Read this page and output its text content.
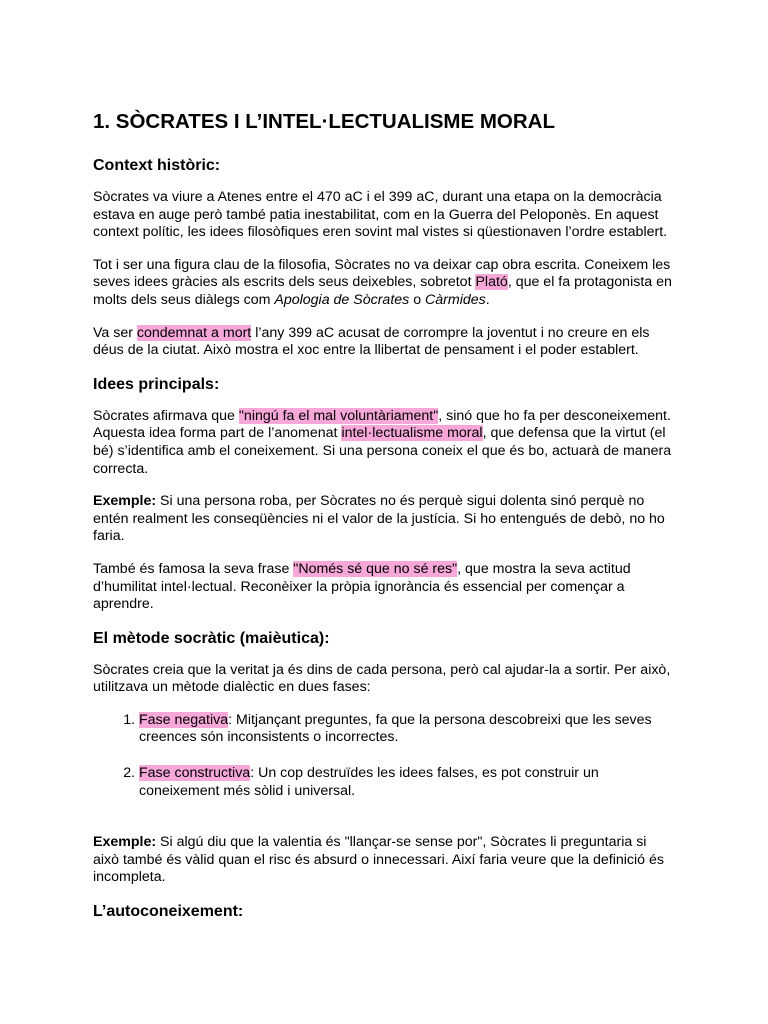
1. SÒCRATES I L’INTEL·LECTUALISME MORAL
Context històric:

Sòcrates va viure a Atenes entre el 470 aC i el 399 aC, durant una etapa on la democràcia estava en auge però també patia inestabilitat, com en la Guerra del Peloponès. En aquest context polític, les idees filosòfiques eren sovint mal vistes si qüestionaven l’ordre establert.

Tot i ser una figura clau de la filosofia, Sòcrates no va deixar cap obra escrita. Coneixem les seves idees gràcies als escrits dels seus deixebles, sobretot Plató, que el fa protagonista en molts dels seus diàlegs com Apologia de Sòcrates o Càrmides.

Va ser condemnat a mort l’any 399 aC acusat de corrompre la joventut i no creure en els déus de la ciutat. Això mostra el xoc entre la llibertat de pensament i el poder establert.

Idees principals:

Sòcrates afirmava que "ningú fa el mal voluntàriament", sinó que ho fa per desconeixement. Aquesta idea forma part de l’anomenat intel·lectualisme moral, que defensa que la virtut (el bé) s’identifica amb el coneixement. Si una persona coneix el que és bo, actuarà de manera correcta.

Exemple: Si una persona roba, per Sòcrates no és perquè sigui dolenta sinó perquè no entén realment les conseqüències ni el valor de la justícia. Si ho entengués de debò, no ho faria.

També és famosa la seva frase "Només sé que no sé res", que mostra la seva actitud d’humilitat intel·lectual. Reconèixer la pròpia ignorància és essencial per començar a aprendre.

El mètode socràtic (maièutica):

Sòcrates creia que la veritat ja és dins de cada persona, però cal ajudar-la a sortir. Per això, utilitzava un mètode dialèctic en dues fases:

1. Fase negativa: Mitjançant preguntes, fa que la persona descobreixi que les seves creences són inconsistents o incorrectes.
2. Fase constructiva: Un cop destruïdes les idees falses, es pot construir un coneixement més sòlid i universal.

Exemple: Si algú diu que la valentia és "llançar-se sense por", Sòcrates li preguntaria si això també és vàlid quan el risc és absurd o innecessari. Així faria veure que la definició és incompleta.

L’autoconeixement:
